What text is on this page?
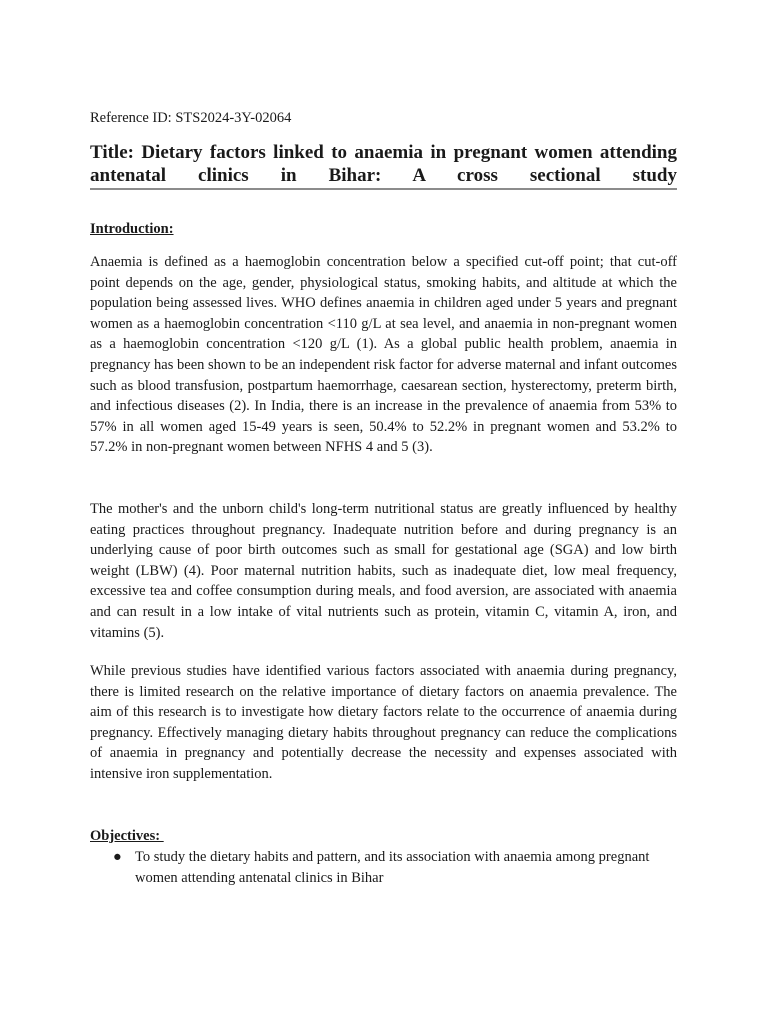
Reference ID: STS2024-3Y-02064
Title: Dietary factors linked to anaemia in pregnant women attending antenatal clinics in Bihar: A cross sectional study
Introduction:

Anaemia is defined as a haemoglobin concentration below a specified cut-off point; that cut-off point depends on the age, gender, physiological status, smoking habits, and altitude at which the population being assessed lives. WHO defines anaemia in children aged under 5 years and pregnant women as a haemoglobin concentration <110 g/L at sea level, and anaemia in non-pregnant women as a haemoglobin concentration <120 g/L (1). As a global public health problem, anaemia in pregnancy has been shown to be an independent risk factor for adverse maternal and infant outcomes such as blood transfusion, postpartum haemorrhage, caesarean section, hysterectomy, preterm birth, and infectious diseases (2). In India, there is an increase in the prevalence of anaemia from 53% to 57% in all women aged 15-49 years is seen, 50.4% to 52.2% in pregnant women and 53.2% to 57.2% in non-pregnant women between NFHS 4 and 5 (3).

The mother's and the unborn child's long-term nutritional status are greatly influenced by healthy eating practices throughout pregnancy. Inadequate nutrition before and during pregnancy is an underlying cause of poor birth outcomes such as small for gestational age (SGA) and low birth weight (LBW) (4). Poor maternal nutrition habits, such as inadequate diet, low meal frequency, excessive tea and coffee consumption during meals, and food aversion, are associated with anaemia and can result in a low intake of vital nutrients such as protein, vitamin C, vitamin A, iron, and vitamins (5).

While previous studies have identified various factors associated with anaemia during pregnancy, there is limited research on the relative importance of dietary factors on anaemia prevalence. The aim of this research is to investigate how dietary factors relate to the occurrence of anaemia during pregnancy. Effectively managing dietary habits throughout pregnancy can reduce the complications of anaemia in pregnancy and potentially decrease the necessity and expenses associated with intensive iron supplementation.

Objectives:
● To study the dietary habits and pattern, and its association with anaemia among pregnant women attending antenatal clinics in Bihar
